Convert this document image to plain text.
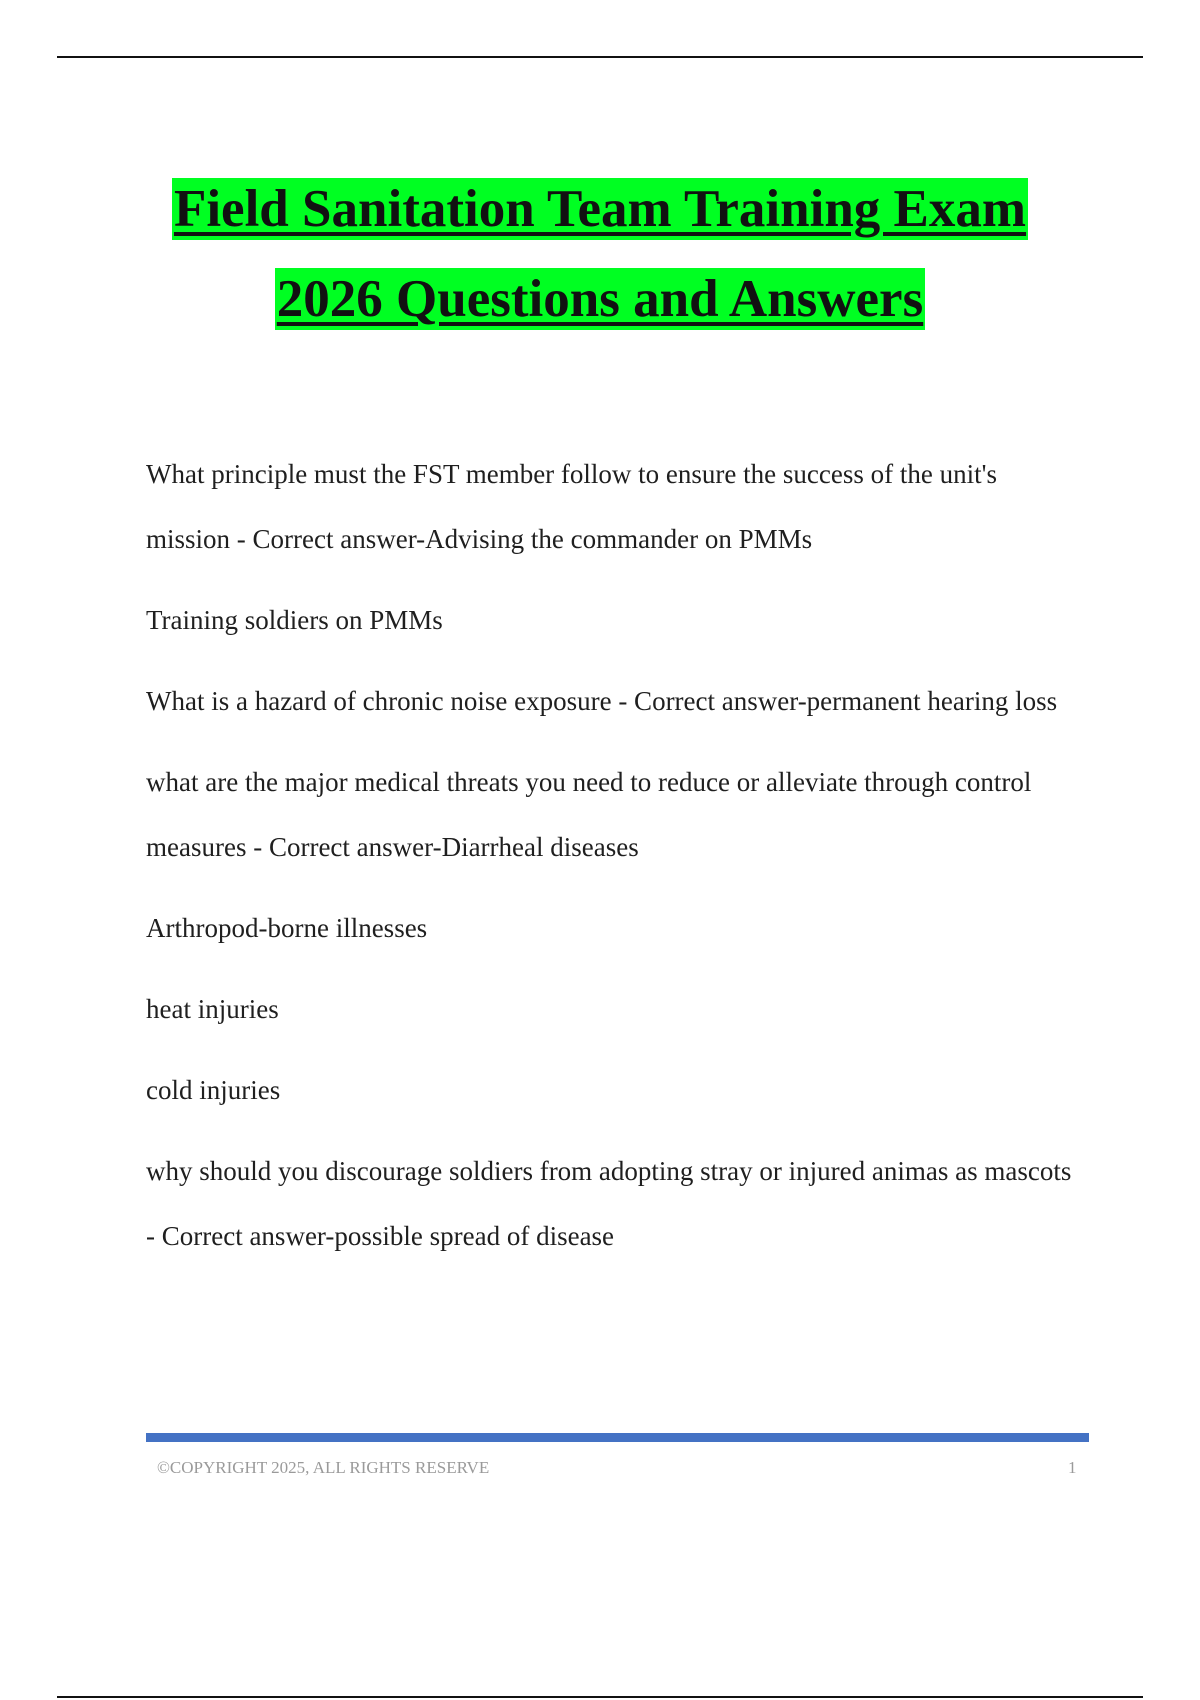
Field Sanitation Team Training Exam
2026 Questions and Answers

What principle must the FST member follow to ensure the success of the unit's mission - Correct answer-Advising the commander on PMMs

Training soldiers on PMMs

What is a hazard of chronic noise exposure - Correct answer-permanent hearing loss

what are the major medical threats you need to reduce or alleviate through control measures - Correct answer-Diarrheal diseases

Arthropod-borne illnesses

heat injuries

cold injuries

why should you discourage soldiers from adopting stray or injured animas as mascots - Correct answer-possible spread of disease

©COPYRIGHT 2025, ALL RIGHTS RESERVE	1
